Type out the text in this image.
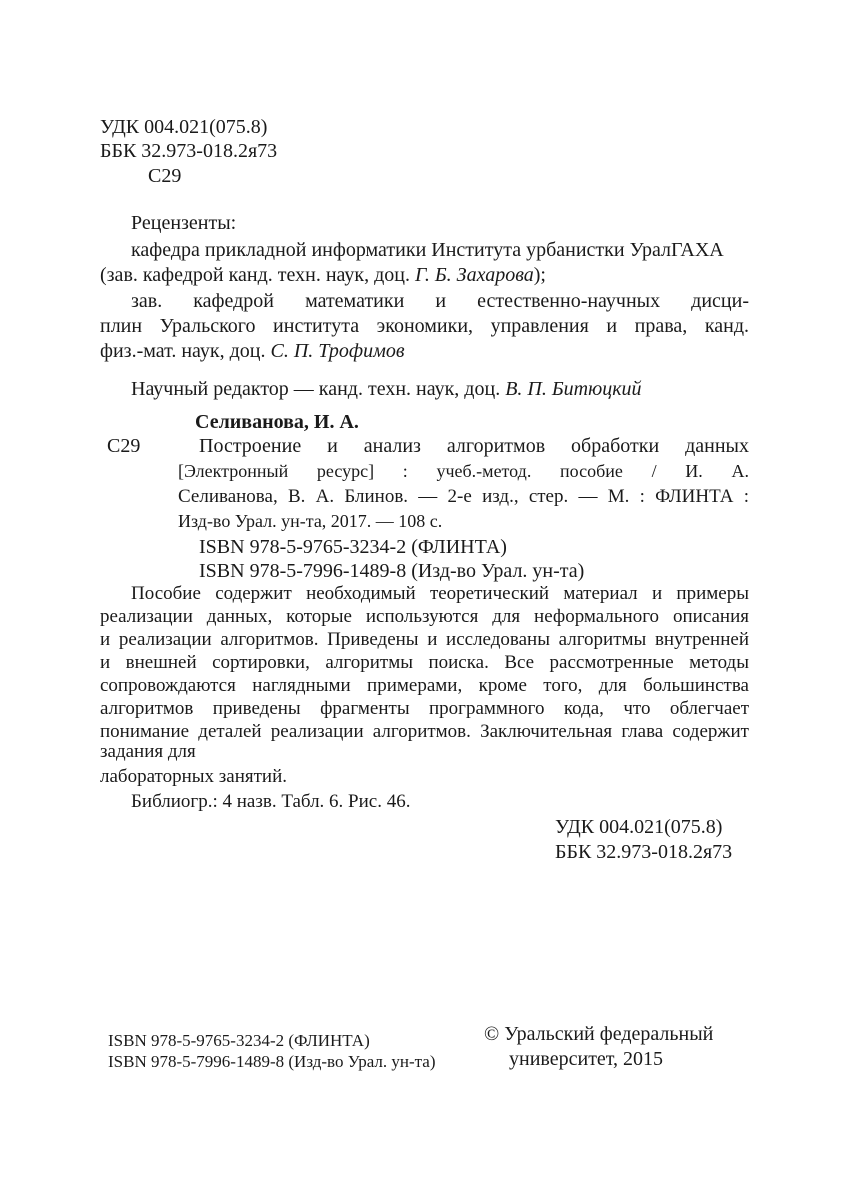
УДК 004.021(075.8)
ББК 32.973-018.2я73
С29
Рецензенты:
кафедра прикладной информатики Института урбанистки УралГАХА
(зав. кафедрой канд. техн. наук, доц. Г. Б. Захарова);
зав. кафедрой математики и естественно-научных дисци-
плин Уральского института экономики, управления и права, канд.
физ.-мат. наук, доц. С. П. Трофимов
Научный редактор — канд. техн. наук, доц. В. П. Битюцкий
Селиванова, И. А.
С29	Построение и анализ алгоритмов обработки данных
[Электронный ресурс] : учеб.-метод. пособие / И. А.
Селиванова, В. А. Блинов. — 2-е изд., стер. — М. : ФЛИНТА :
Изд-во Урал. ун-та, 2017. — 108 с.
ISBN 978-5-9765-3234-2 (ФЛИНТА)
ISBN 978-5-7996-1489-8 (Изд-во Урал. ун-та)
Пособие содержит необходимый теоретический материал и примеры
реализации данных, которые используются для неформального описания
и реализации алгоритмов. Приведены и исследованы алгоритмы внутренней
и внешней сортировки, алгоритмы поиска. Все рассмотренные методы
сопровождаются наглядными примерами, кроме того, для большинства
алгоритмов приведены фрагменты программного кода, что облегчает
понимание деталей реализации алгоритмов. Заключительная глава содержит
задания для
лабораторных занятий.
Библиогр.: 4 назв. Табл. 6. Рис. 46.
УДК 004.021(075.8)
ББК 32.973-018.2я73
ISBN 978-5-9765-3234-2 (ФЛИНТА)
ISBN 978-5-7996-1489-8 (Изд-во Урал. ун-та)
© Уральский федеральный
университет, 2015
